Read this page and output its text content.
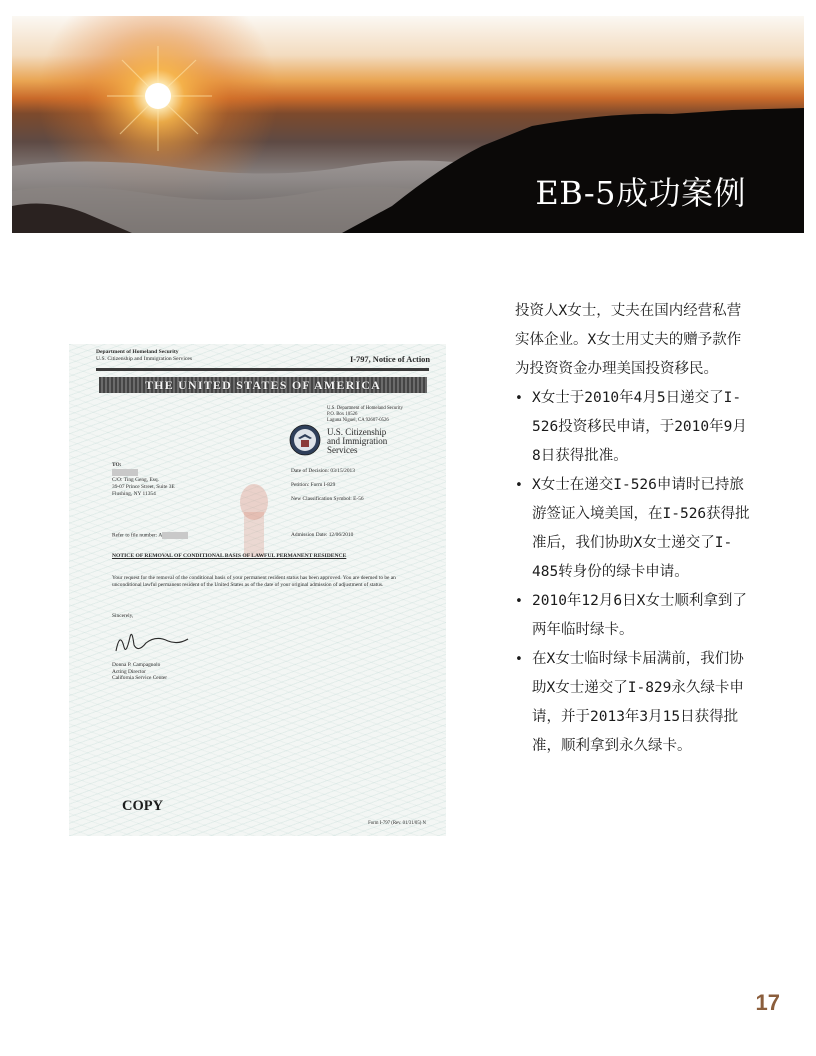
EB-5成功案例
Department of Homeland Security
U.S. Citizenship and Immigration Services	I-797, Notice of Action
THE UNITED STATES OF AMERICA
U.S. Department of Homeland Security
P.O. Box 10526
Laguna Niguel, CA 92607-0526
U.S. Citizenship
and Immigration
Services
TO:
C/O: Ting Geng, Esq.
39-07 Prince Street, Suite 3E
Flushing, NY 11354
Date of Decision: 03/15/2013
Petition: Form I-829
New Classification Symbol: E-56
Refer to file number: A	Admission Date: 12/06/2010
NOTICE OF REMOVAL OF CONDITIONAL BASIS OF LAWFUL PERMANENT RESIDENCE
Your request for the removal of the conditional basis of your permanent resident status has been approved. You are deemed to be an unconditional lawful permanent resident of the United States as of the date of your original admission of adjustment of status.
Sincerely,
Donna P. Campagnolo
Acting Director
California Service Center
COPY
Form I-797 (Rev. 01/31/05) N

投资人X女士，丈夫在国内经营私营实体企业。X女士用丈夫的赠予款作为投资资金办理美国投资移民。

• X女士于2010年4月5日递交了I-526投资移民申请，于2010年9月8日获得批准。
• X女士在递交I-526申请时已持旅游签证入境美国，在I-526获得批准后，我们协助X女士递交了I-485转身份的绿卡申请。
• 2010年12月6日X女士顺利拿到了两年临时绿卡。
• 在X女士临时绿卡届满前，我们协助X女士递交了I-829永久绿卡申请，并于2013年3月15日获得批准，顺利拿到永久绿卡。
17
